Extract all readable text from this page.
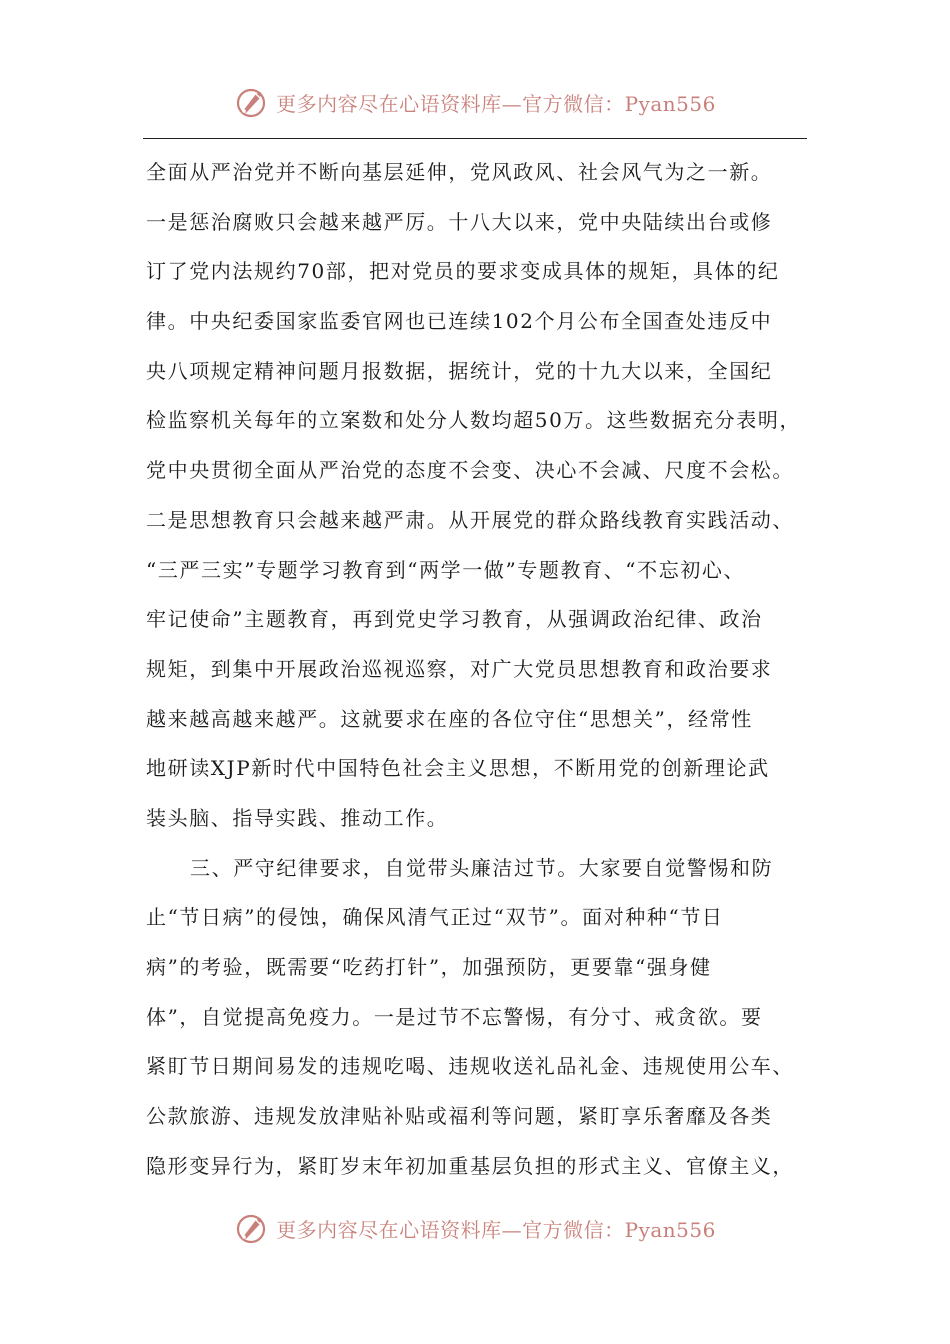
更多内容尽在心语资料库—官方微信：Pyan556
全面从严治党并不断向基层延伸，党风政风、社会风气为之一新。
一是惩治腐败只会越来越严厉。十八大以来，党中央陆续出台或修
订了党内法规约70部，把对党员的要求变成具体的规矩，具体的纪
律。中央纪委国家监委官网也已连续102个月公布全国查处违反中
央八项规定精神问题月报数据，据统计，党的十九大以来，全国纪
检监察机关每年的立案数和处分人数均超50万。这些数据充分表明，
党中央贯彻全面从严治党的态度不会变、决心不会减、尺度不会松。
二是思想教育只会越来越严肃。从开展党的群众路线教育实践活动、
“三严三实”专题学习教育到“两学一做”专题教育、“不忘初心、
牢记使命”主题教育，再到党史学习教育，从强调政治纪律、政治
规矩，到集中开展政治巡视巡察，对广大党员思想教育和政治要求
越来越高越来越严。这就要求在座的各位守住“思想关”，经常性
地研读XJP新时代中国特色社会主义思想，不断用党的创新理论武
装头脑、指导实践、推动工作。
三、严守纪律要求，自觉带头廉洁过节。大家要自觉警惕和防
止“节日病”的侵蚀，确保风清气正过“双节”。面对种种“节日
病”的考验，既需要“吃药打针”，加强预防，更要靠“强身健
体”，自觉提高免疫力。一是过节不忘警惕，有分寸、戒贪欲。要
紧盯节日期间易发的违规吃喝、违规收送礼品礼金、违规使用公车、
公款旅游、违规发放津贴补贴或福利等问题，紧盯享乐奢靡及各类
隐形变异行为，紧盯岁末年初加重基层负担的形式主义、官僚主义，
更多内容尽在心语资料库—官方微信：Pyan556
